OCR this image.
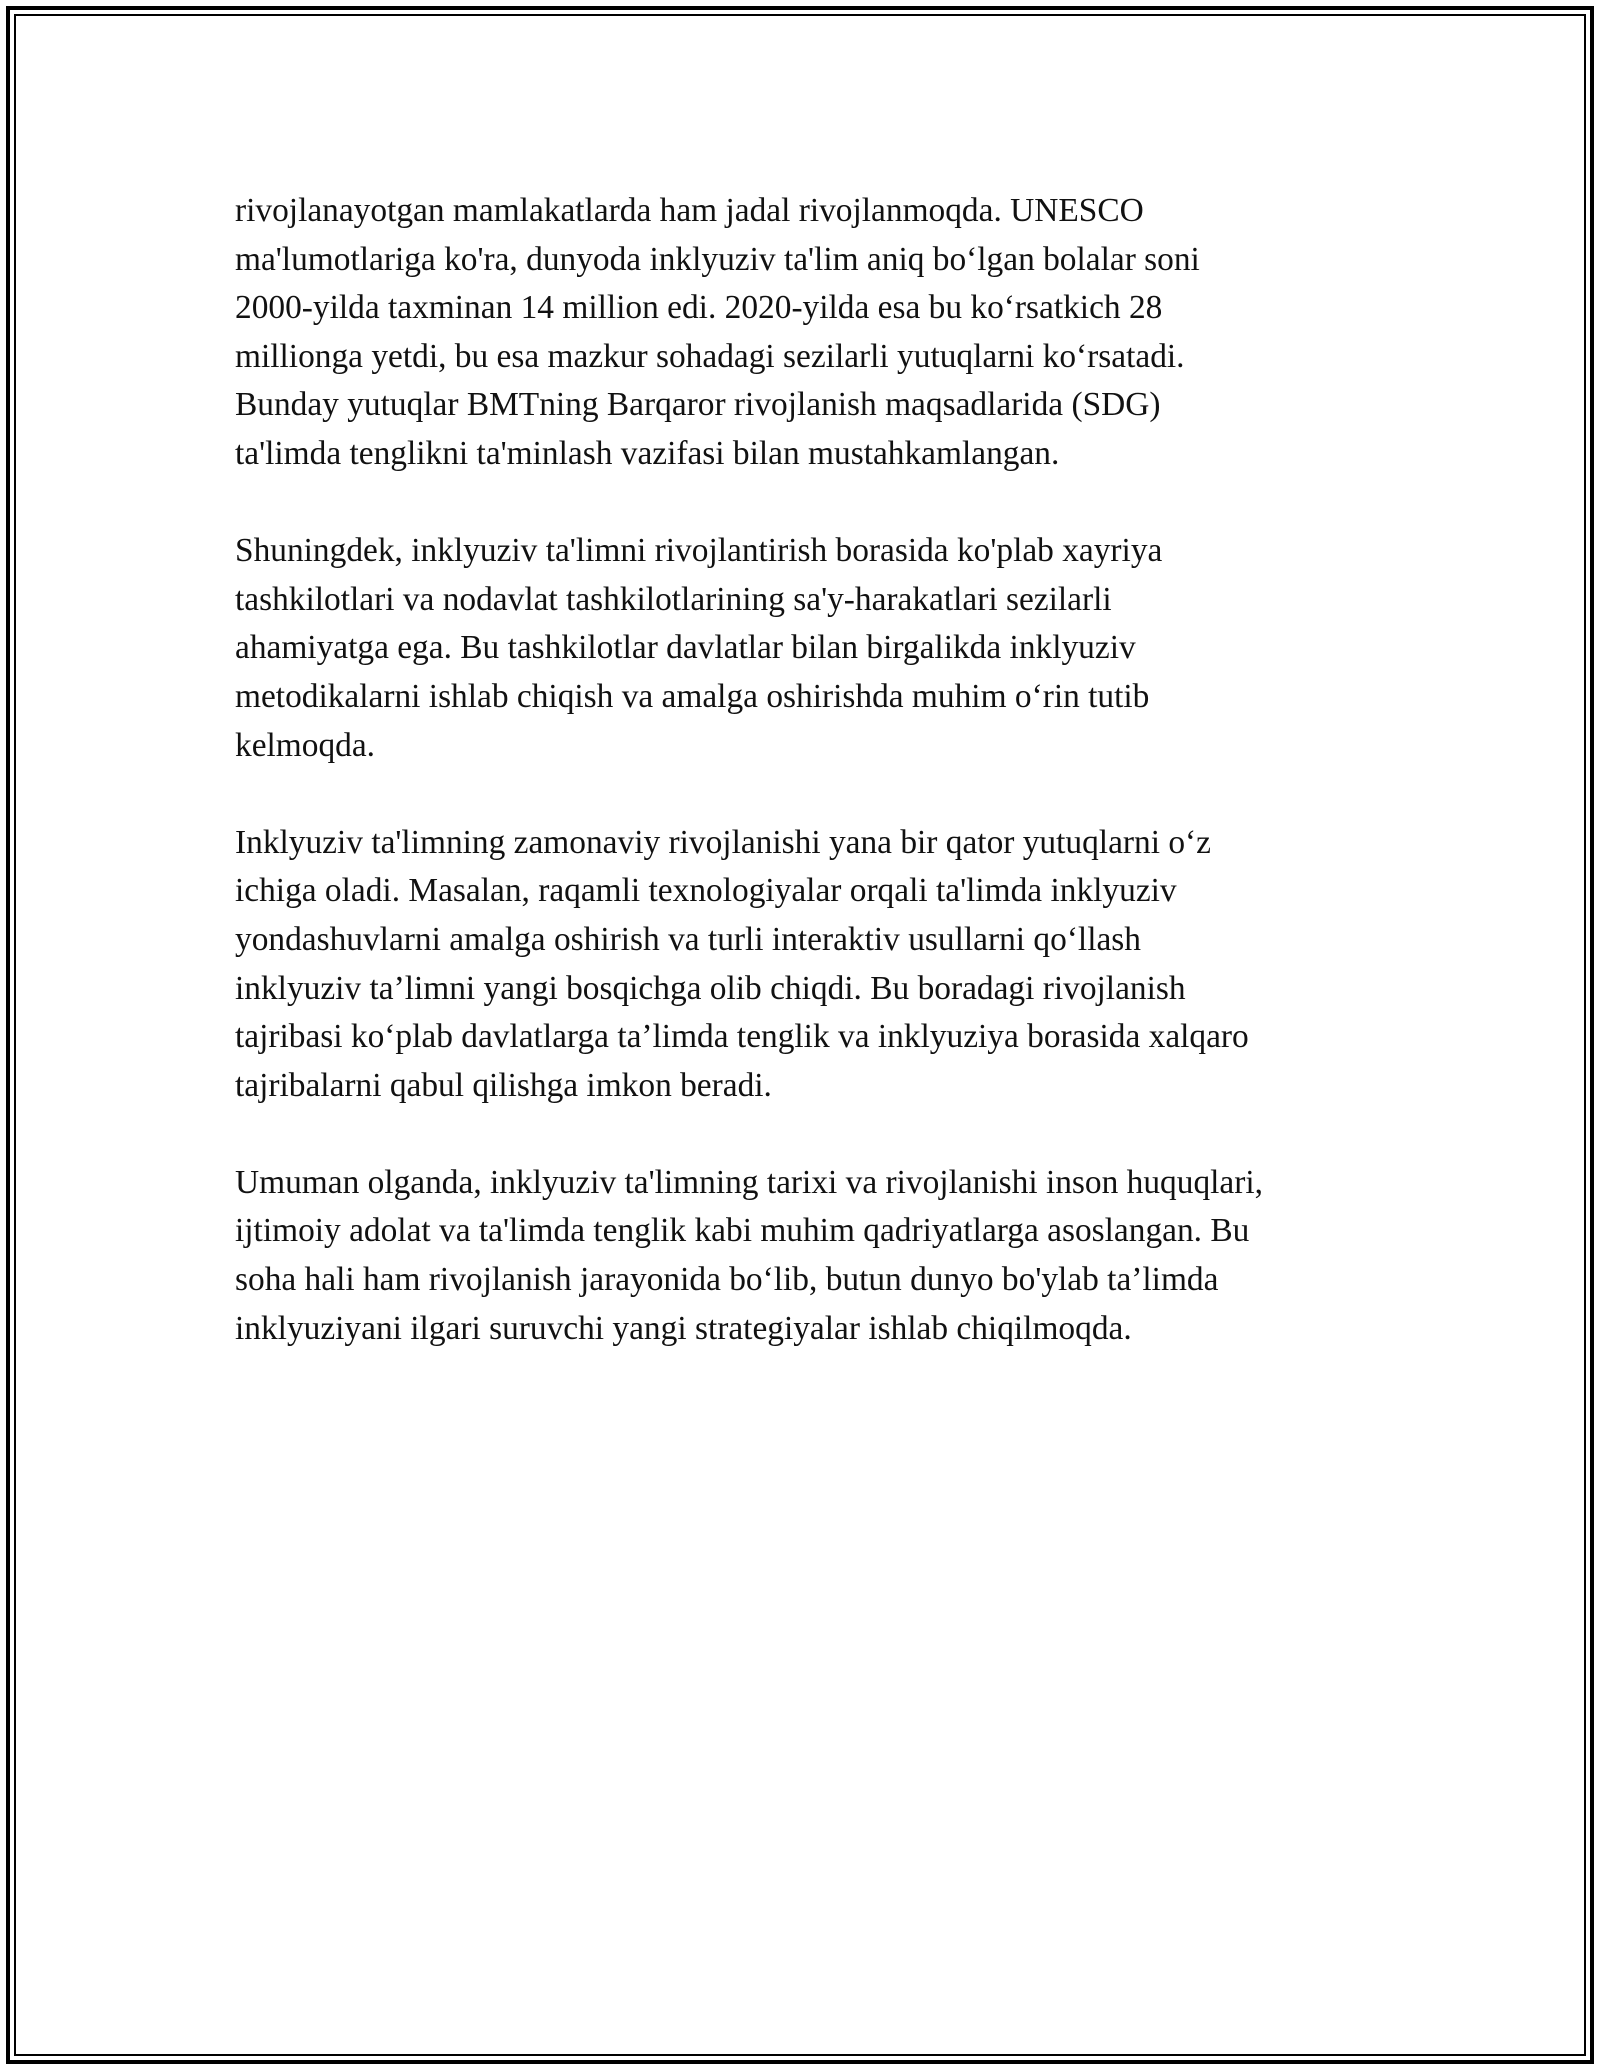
rivojlanayotgan mamlakatlarda ham jadal rivojlanmoqda. UNESCO
ma'lumotlariga ko'ra, dunyoda inklyuziv ta'lim aniq bo‘lgan bolalar soni
2000-yilda taxminan 14 million edi. 2020-yilda esa bu ko‘rsatkich 28
millionga yetdi, bu esa mazkur sohadagi sezilarli yutuqlarni ko‘rsatadi.
Bunday yutuqlar BMTning Barqaror rivojlanish maqsadlarida (SDG)
ta'limda tenglikni ta'minlash vazifasi bilan mustahkamlangan.

Shuningdek, inklyuziv ta'limni rivojlantirish borasida ko'plab xayriya
tashkilotlari va nodavlat tashkilotlarining sa'y-harakatlari sezilarli
ahamiyatga ega. Bu tashkilotlar davlatlar bilan birgalikda inklyuziv
metodikalarni ishlab chiqish va amalga oshirishda muhim o‘rin tutib
kelmoqda.

Inklyuziv ta'limning zamonaviy rivojlanishi yana bir qator yutuqlarni o‘z
ichiga oladi. Masalan, raqamli texnologiyalar orqali ta'limda inklyuziv
yondashuvlarni amalga oshirish va turli interaktiv usullarni qo‘llash
inklyuziv ta’limni yangi bosqichga olib chiqdi. Bu boradagi rivojlanish
tajribasi ko‘plab davlatlarga ta’limda tenglik va inklyuziya borasida xalqaro
tajribalarni qabul qilishga imkon beradi.

Umuman olganda, inklyuziv ta'limning tarixi va rivojlanishi inson huquqlari,
ijtimoiy adolat va ta'limda tenglik kabi muhim qadriyatlarga asoslangan. Bu
soha hali ham rivojlanish jarayonida bo‘lib, butun dunyo bo'ylab ta’limda
inklyuziyani ilgari suruvchi yangi strategiyalar ishlab chiqilmoqda.
